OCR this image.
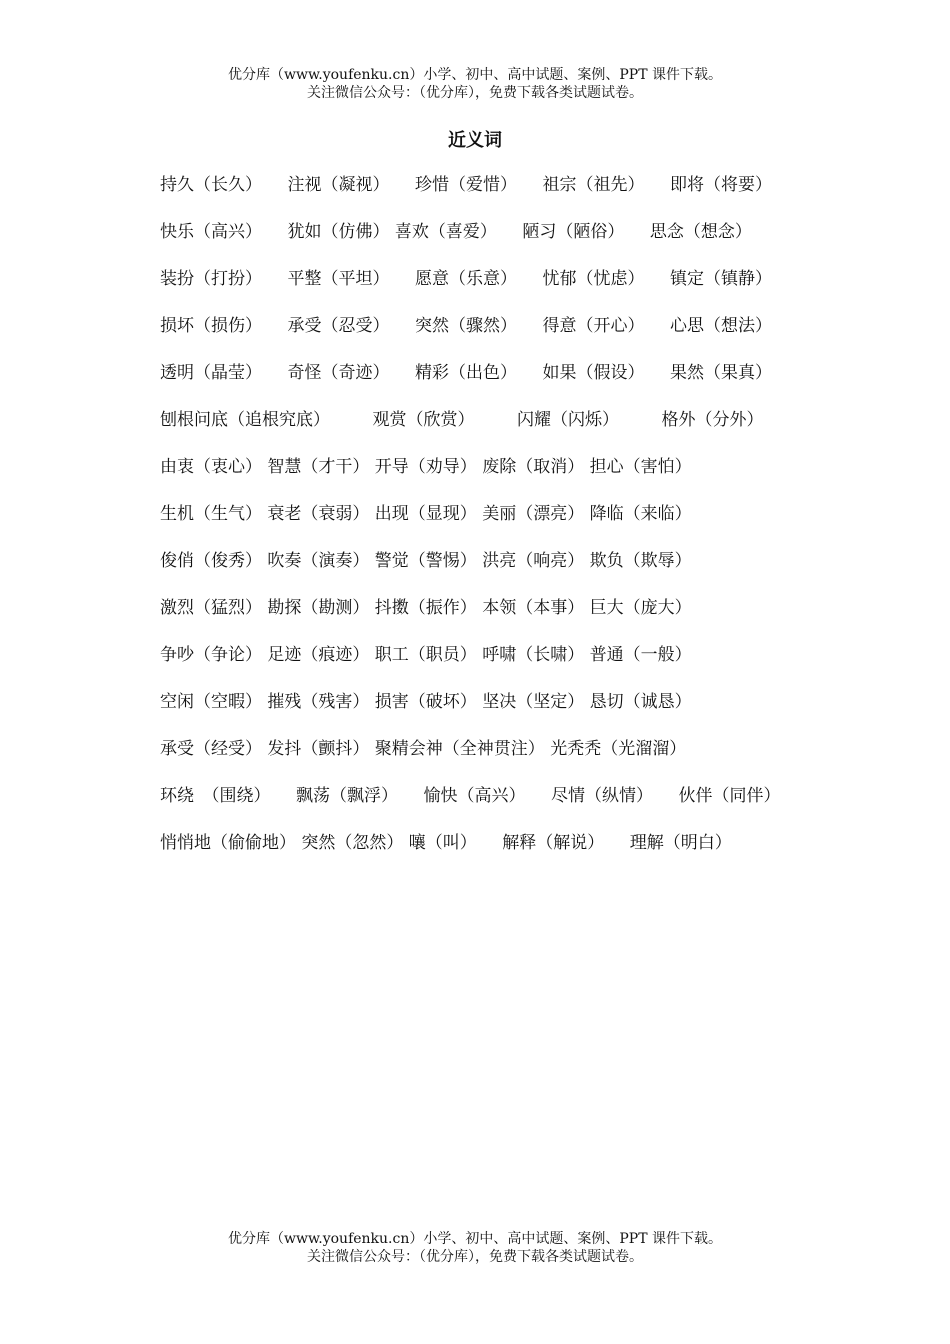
优分库（www.youfenku.cn）小学、初中、高中试题、案例、PPT 课件下载。
关注微信公众号：（优分库），免费下载各类试题试卷。
近义词
持久（长久）　　注视（凝视）　　珍惜（爱惜）　　祖宗（祖先）　　即将（将要）
快乐（高兴）　　犹如（仿佛） 喜欢（喜爱）　　陋习（陋俗）　　思念（想念）
装扮（打扮）　　平整（平坦）　　愿意（乐意）　　忧郁（忧虑）　　镇定（镇静）
损坏（损伤）　　承受（忍受）　　突然（骤然）　　得意（开心）　　心思（想法）
透明（晶莹）　　奇怪（奇迹）　　精彩（出色）　　如果（假设）　　果然（果真）
刨根问底（追根究底）　　　观赏（欣赏）　　　闪耀（闪烁）　　　格外（分外）
由衷（衷心） 智慧（才干） 开导（劝导） 废除（取消） 担心（害怕）
生机（生气） 衰老（衰弱） 出现（显现） 美丽（漂亮） 降临（来临）
俊俏（俊秀） 吹奏（演奏） 警觉（警惕） 洪亮（响亮） 欺负（欺辱）
激烈（猛烈） 勘探（勘测） 抖擞（振作） 本领（本事） 巨大（庞大）
争吵（争论） 足迹（痕迹） 职工（职员） 呼啸（长啸） 普通（一般）
空闲（空暇） 摧残（残害） 损害（破坏） 坚决（坚定） 恳切（诚恳）
承受（经受） 发抖（颤抖） 聚精会神（全神贯注） 光秃秃（光溜溜）
环绕　（围绕）　　飘荡（飘浮）　　愉快（高兴）　　尽情（纵情）　　伙伴（同伴）
悄悄地（偷偷地） 突然（忽然） 嚷（叫）　　解释（解说）　　理解（明白）
优分库（www.youfenku.cn）小学、初中、高中试题、案例、PPT 课件下载。
关注微信公众号：（优分库），免费下载各类试题试卷。
